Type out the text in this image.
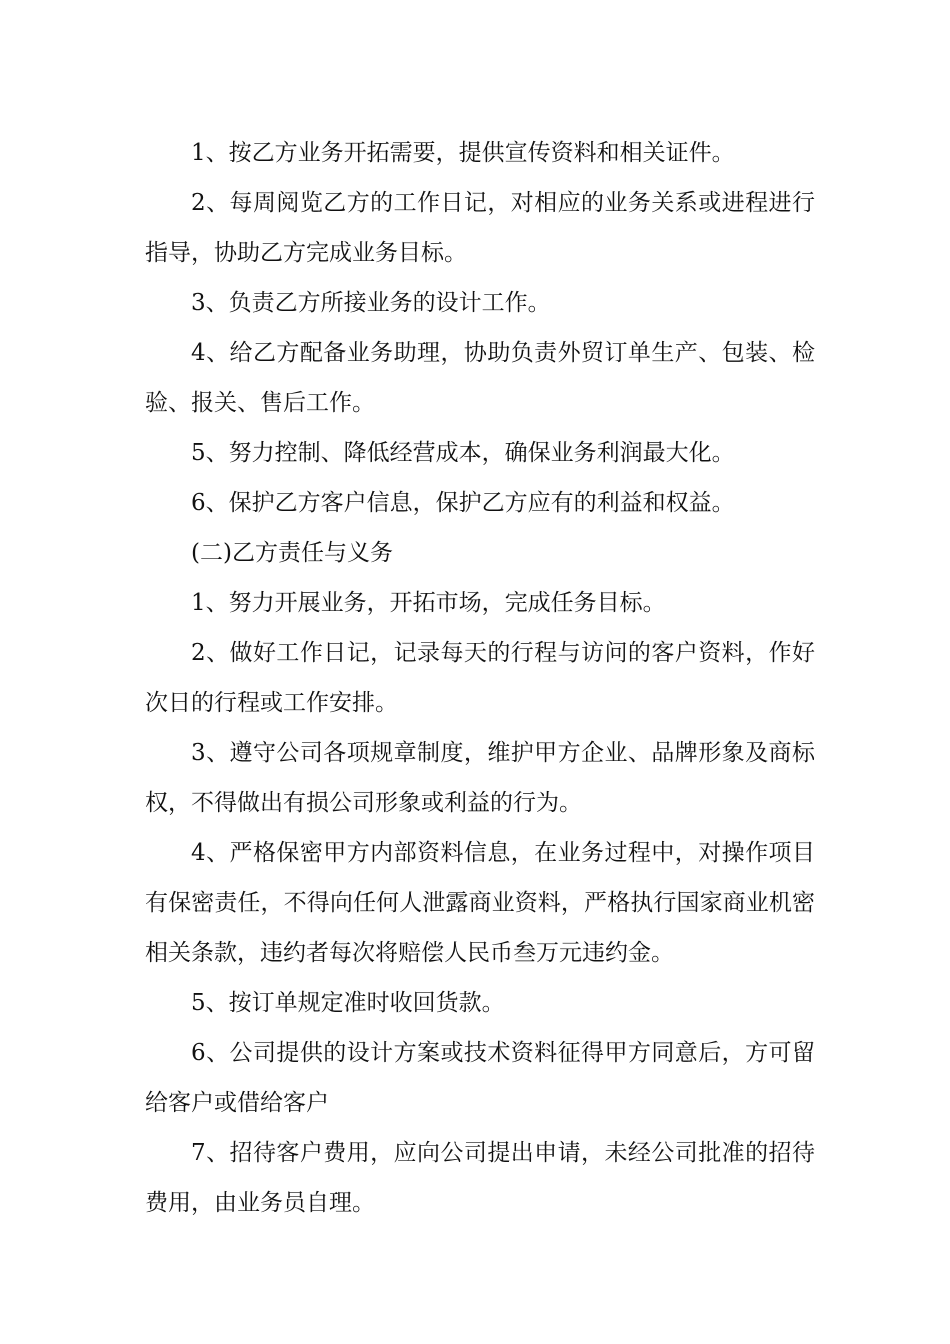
1、按乙方业务开拓需要，提供宣传资料和相关证件。

2、每周阅览乙方的工作日记，对相应的业务关系或进程进行指导，协助乙方完成业务目标。

3、负责乙方所接业务的设计工作。

4、给乙方配备业务助理，协助负责外贸订单生产、包装、检验、报关、售后工作。

5、努力控制、降低经营成本，确保业务利润最大化。

6、保护乙方客户信息，保护乙方应有的利益和权益。

(二)乙方责任与义务

1、努力开展业务，开拓市场，完成任务目标。

2、做好工作日记，记录每天的行程与访问的客户资料，作好次日的行程或工作安排。

3、遵守公司各项规章制度，维护甲方企业、品牌形象及商标权，不得做出有损公司形象或利益的行为。

4、严格保密甲方内部资料信息，在业务过程中，对操作项目有保密责任，不得向任何人泄露商业资料，严格执行国家商业机密相关条款，违约者每次将赔偿人民币叁万元违约金。

5、按订单规定准时收回货款。

6、公司提供的设计方案或技术资料征得甲方同意后，方可留给客户或借给客户

7、招待客户费用，应向公司提出申请，未经公司批准的招待费用，由业务员自理。
